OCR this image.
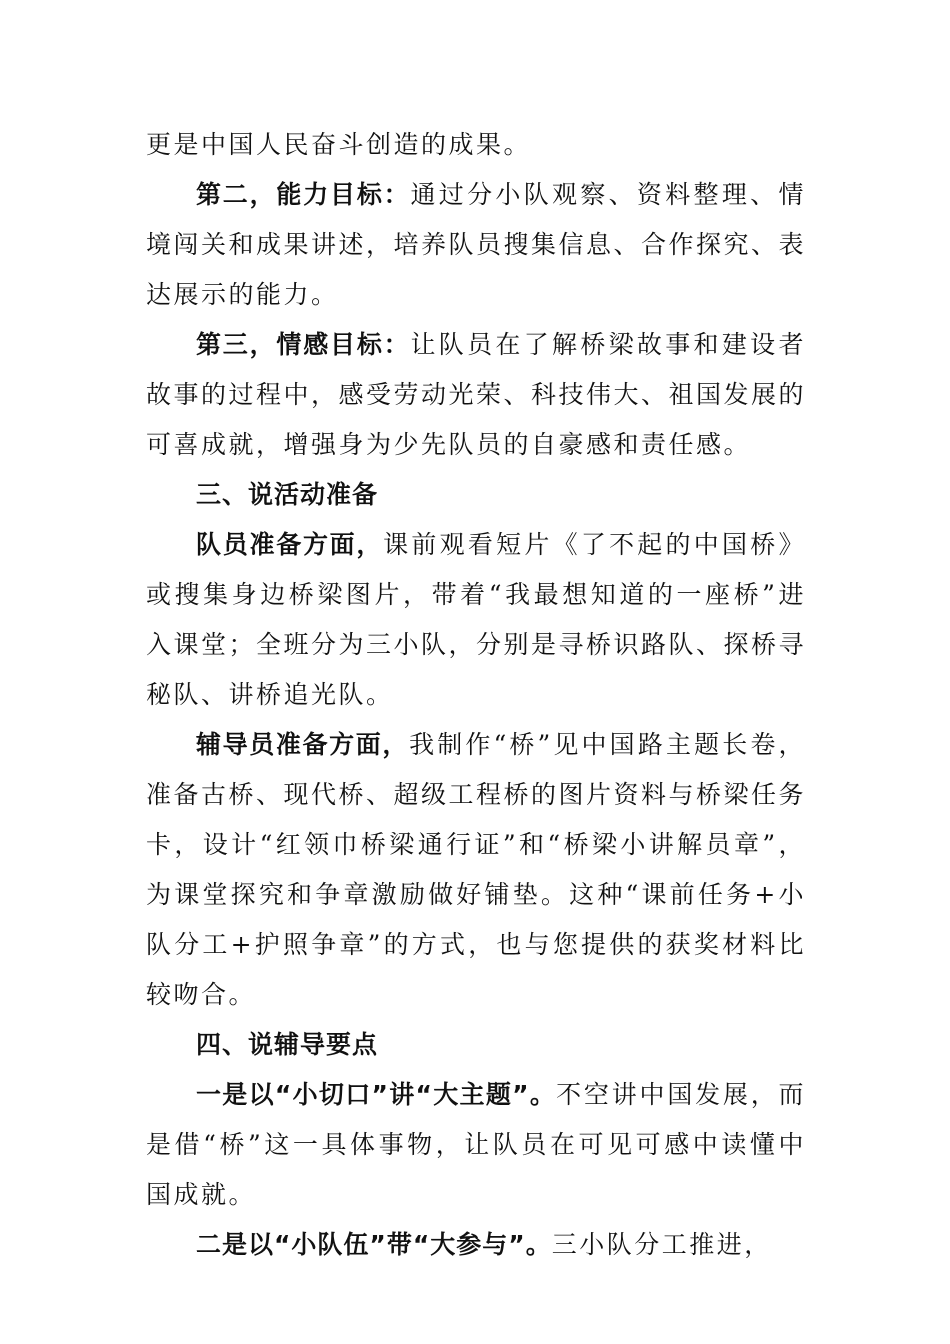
更是中国人民奋斗创造的成果。

第二，能力目标：通过分小队观察、资料整理、情境闯关和成果讲述，培养队员搜集信息、合作探究、表达展示的能力。

第三，情感目标：让队员在了解桥梁故事和建设者故事的过程中，感受劳动光荣、科技伟大、祖国发展的可喜成就，增强身为少先队员的自豪感和责任感。

三、说活动准备

队员准备方面，课前观看短片《了不起的中国桥》或搜集身边桥梁图片，带着“我最想知道的一座桥”进入课堂；全班分为三小队，分别是寻桥识路队、探桥寻秘队、讲桥追光队。

辅导员准备方面，我制作“桥”见中国路主题长卷，准备古桥、现代桥、超级工程桥的图片资料与桥梁任务卡，设计“红领巾桥梁通行证”和“桥梁小讲解员章”，为课堂探究和争章激励做好铺垫。这种“课前任务+小队分工+护照争章”的方式，也与您提供的获奖材料比较吻合。

四、说辅导要点

一是以“小切口”讲“大主题”。不空讲中国发展，而是借“桥”这一具体事物，让队员在可见可感中读懂中国成就。

二是以“小队伍”带“大参与”。三小队分工推进，
